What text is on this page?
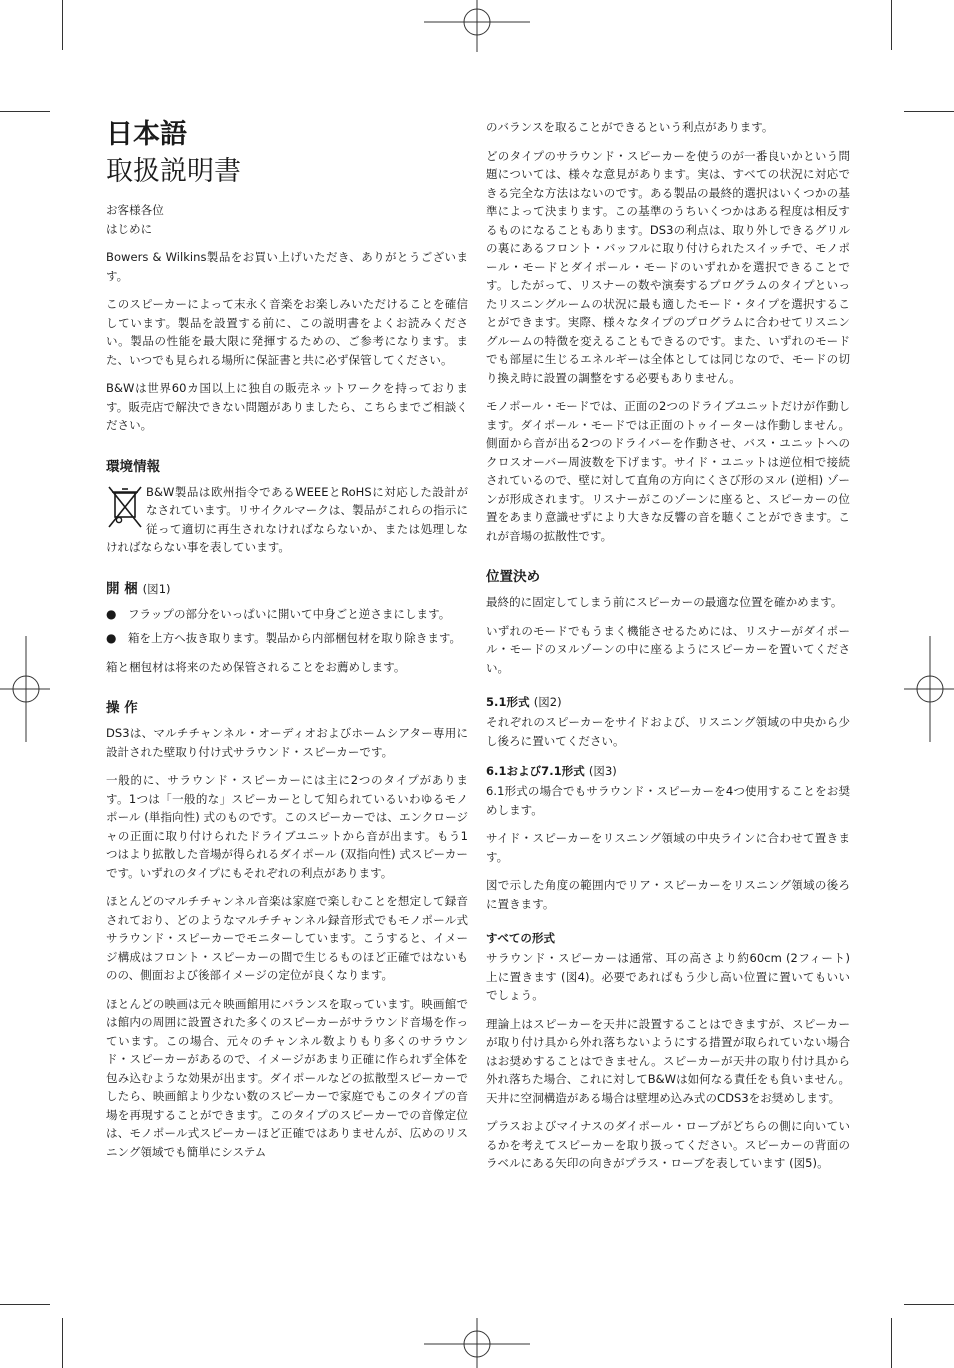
日本語
取扱説明書

お客様各位

はじめに

Bowers & Wilkins製品をお買い上げいただき、ありがとうございます。

このスピーカーによって末永く音楽をお楽しみいただけることを確信しています。製品を設置する前に、この説明書をよくお読みください。製品の性能を最大限に発揮するための、ご参考になります。また、いつでも見られる場所に保証書と共に必ず保管してください。

B&Wは世界60カ国以上に独自の販売ネットワークを持っております。販売店で解決できない問題がありましたら、こちらまでご相談ください。

環境情報

B&W製品は欧州指令であるWEEEとRoHSに対応した設計がなされています。リサイクルマークは、製品がこれらの指示に従って適切に再生されなければならないか、または処理しなければならない事を表しています。

開 梱 (図1)
● フラップの部分をいっぱいに開いて中身ごと逆さまにします。
● 箱を上方へ抜き取ります。製品から内部梱包材を取り除きます。

箱と梱包材は将来のため保管されることをお薦めします。

操 作

DS3は、マルチチャンネル・オーディオおよびホームシアター専用に設計された壁取り付け式サラウンド・スピーカーです。

一般的に、サラウンド・スピーカーには主に2つのタイプがあります。1つは「一般的な」スピーカーとして知られているいわゆるモノポール (単指向性) 式のものです。このスピーカーでは、エンクロージャの正面に取り付けられたドライブユニットから音が出ます。もう1つはより拡散した音場が得られるダイポール (双指向性) 式スピーカーです。いずれのタイプにもそれぞれの利点があります。

ほとんどのマルチチャンネル音楽は家庭で楽しむことを想定して録音されており、どのようなマルチチャンネル録音形式でもモノポール式サラウンド・スピーカーでモニターしています。こうすると、イメージ構成はフロント・スピーカーの間で生じるものほど正確ではないものの、側面および後部イメージの定位が良くなります。

ほとんどの映画は元々映画館用にバランスを取っています。映画館では館内の周囲に設置された多くのスピーカーがサラウンド音場を作っています。この場合、元々のチャンネル数よりもり多くのサラウンド・スピーカーがあるので、イメージがあまり正確に作られず全体を包み込むような効果が出ます。ダイポールなどの拡散型スピーカーでしたら、映画館より少ない数のスピーカーで家庭でもこのタイプの音場を再現することができます。このタイプのスピーカーでの音像定位は、モノポール式スピーカーほど正確ではありませんが、広めのリスニング領域でも簡単にシステム

のバランスを取ることができるという利点があります。

どのタイプのサラウンド・スピーカーを使うのが一番良いかという問題については、様々な意見があります。実は、すべての状況に対応できる完全な方法はないのです。ある製品の最終的選択はいくつかの基準によって決まります。この基準のうちいくつかはある程度は相反するものになることもあります。DS3の利点は、取り外しできるグリルの裏にあるフロント・バッフルに取り付けられたスイッチで、モノポール・モードとダイポール・モードのいずれかを選択できることです。したがって、リスナーの数や演奏するプログラムのタイプといったリスニングルームの状況に最も適したモード・タイプを選択することができます。実際、様々なタイプのプログラムに合わせてリスニングルームの特徴を変えることもできるのです。また、いずれのモードでも部屋に生じるエネルギーは全体としては同じなので、モードの切り換え時に設置の調整をする必要もありません。

モノポール・モードでは、正面の2つのドライブユニットだけが作動します。ダイポール・モードでは正面のトゥイーターは作動しません。側面から音が出る2つのドライバーを作動させ、バス・ユニットへのクロスオーバー周波数を下げます。サイド・ユニットは逆位相で接続されているので、壁に対して直角の方向にくさび形のヌル (逆相) ゾーンが形成されます。リスナーがこのゾーンに座ると、スピーカーの位置をあまり意識せずにより大きな反響の音を聴くことができます。これが音場の拡散性です。

位置決め

最終的に固定してしまう前にスピーカーの最適な位置を確かめます。

いずれのモードでもうまく機能させるためには、リスナーがダイポール・モードのヌルゾーンの中に座るようにスピーカーを置いてください。

5.1形式 (図2)

それぞれのスピーカーをサイドおよび、リスニング領域の中央から少し後ろに置いてください。

6.1および7.1形式 (図3)

6.1形式の場合でもサラウンド・スピーカーを4つ使用することをお奨めします。

サイド・スピーカーをリスニング領域の中央ラインに合わせて置きます。

図で示した角度の範囲内でリア・スピーカーをリスニング領域の後ろに置きます。

すべての形式

サラウンド・スピーカーは通常、耳の高さより約60cm (2フィート) 上に置きます (図4)。必要であればもう少し高い位置に置いてもいいでしょう。

理論上はスピーカーを天井に設置することはできますが、スピーカーが取り付け具から外れ落ちないようにする措置が取られていない場合はお奨めすることはできません。スピーカーが天井の取り付け具から外れ落ちた場合、これに対してB&Wは如何なる責任をも負いません。天井に空洞構造がある場合は壁埋め込み式のCDS3をお奨めします。

プラスおよびマイナスのダイポール・ローブがどちらの側に向いているかを考えてスピーカーを取り扱ってください。スピーカーの背面のラベルにある矢印の向きがプラス・ローブを表しています (図5)。
